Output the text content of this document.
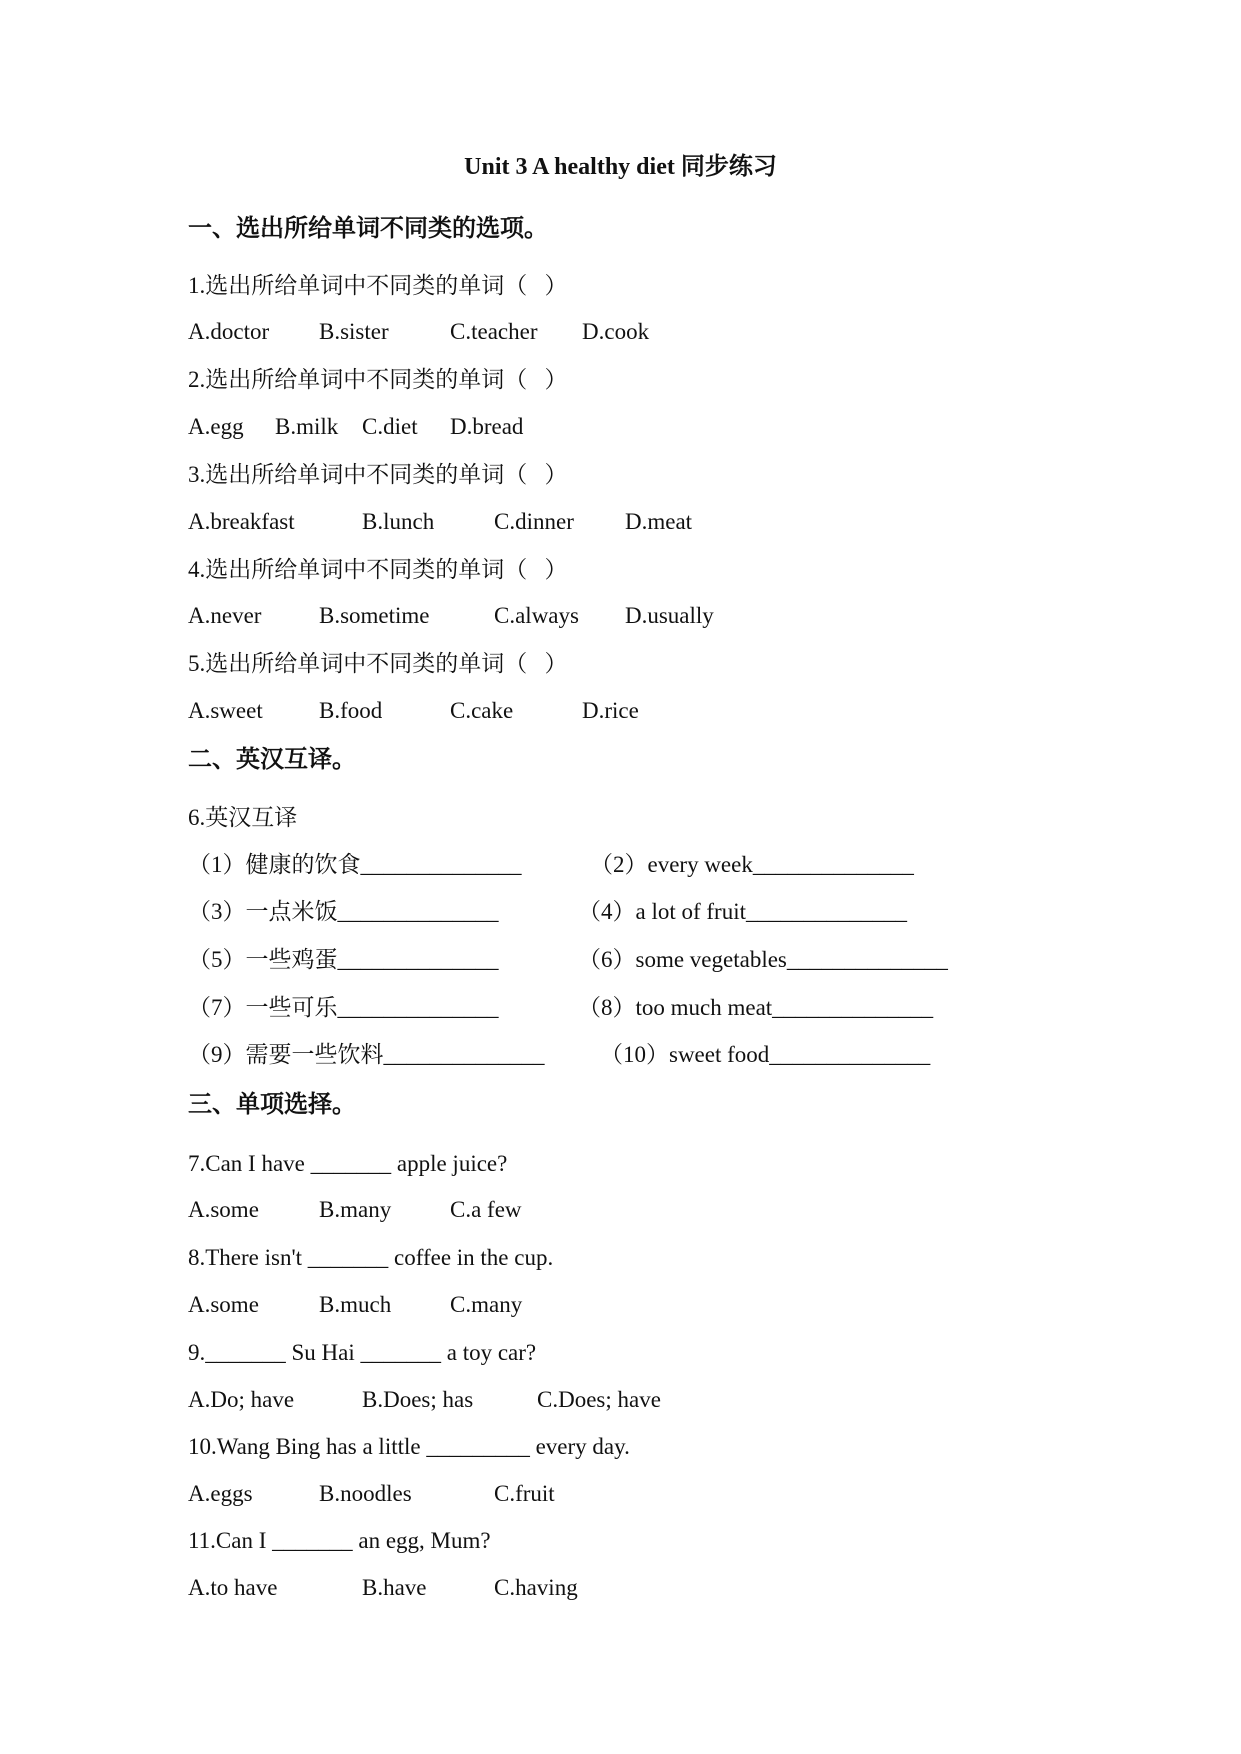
Unit 3 A healthy diet 同步练习
一、选出所给单词不同类的选项。
1.选出所给单词中不同类的单词（   ）
A.doctor B.sister	C.teacher D.cook
2.选出所给单词中不同类的单词（   ）
A.egg B.milk C.diet D.bread
3.选出所给单词中不同类的单词（   ）
A.breakfast	B.lunch	C.dinner D.meat
4.选出所给单词中不同类的单词（   ）
A.never	B.sometime	C.always D.usually
5.选出所给单词中不同类的单词（   ）
A.sweet B.food	C.cake	D.rice
二、英汉互译。
6.英汉互译
（1）健康的饮食______________	（2）every week______________
（3）一点米饭______________	（4）a lot of fruit______________
（5）一些鸡蛋______________	（6）some vegetables______________
（7）一些可乐______________	（8）too much meat______________
（9）需要一些饮料______________ （10）sweet food______________
三、单项选择。
7.Can I have _______ apple juice?
A.some	B.many	C.a few
8.There isn't _______ coffee in the cup.
A.some	B.much	C.many
9._______ Su Hai _______ a toy car?
A.Do; have	B.Does; has	C.Does; have
10.Wang Bing has a little _________ every day.
A.eggs	B.noodles	C.fruit
11.Can I _______ an egg, Mum?
A.to have	B.have	C.having
